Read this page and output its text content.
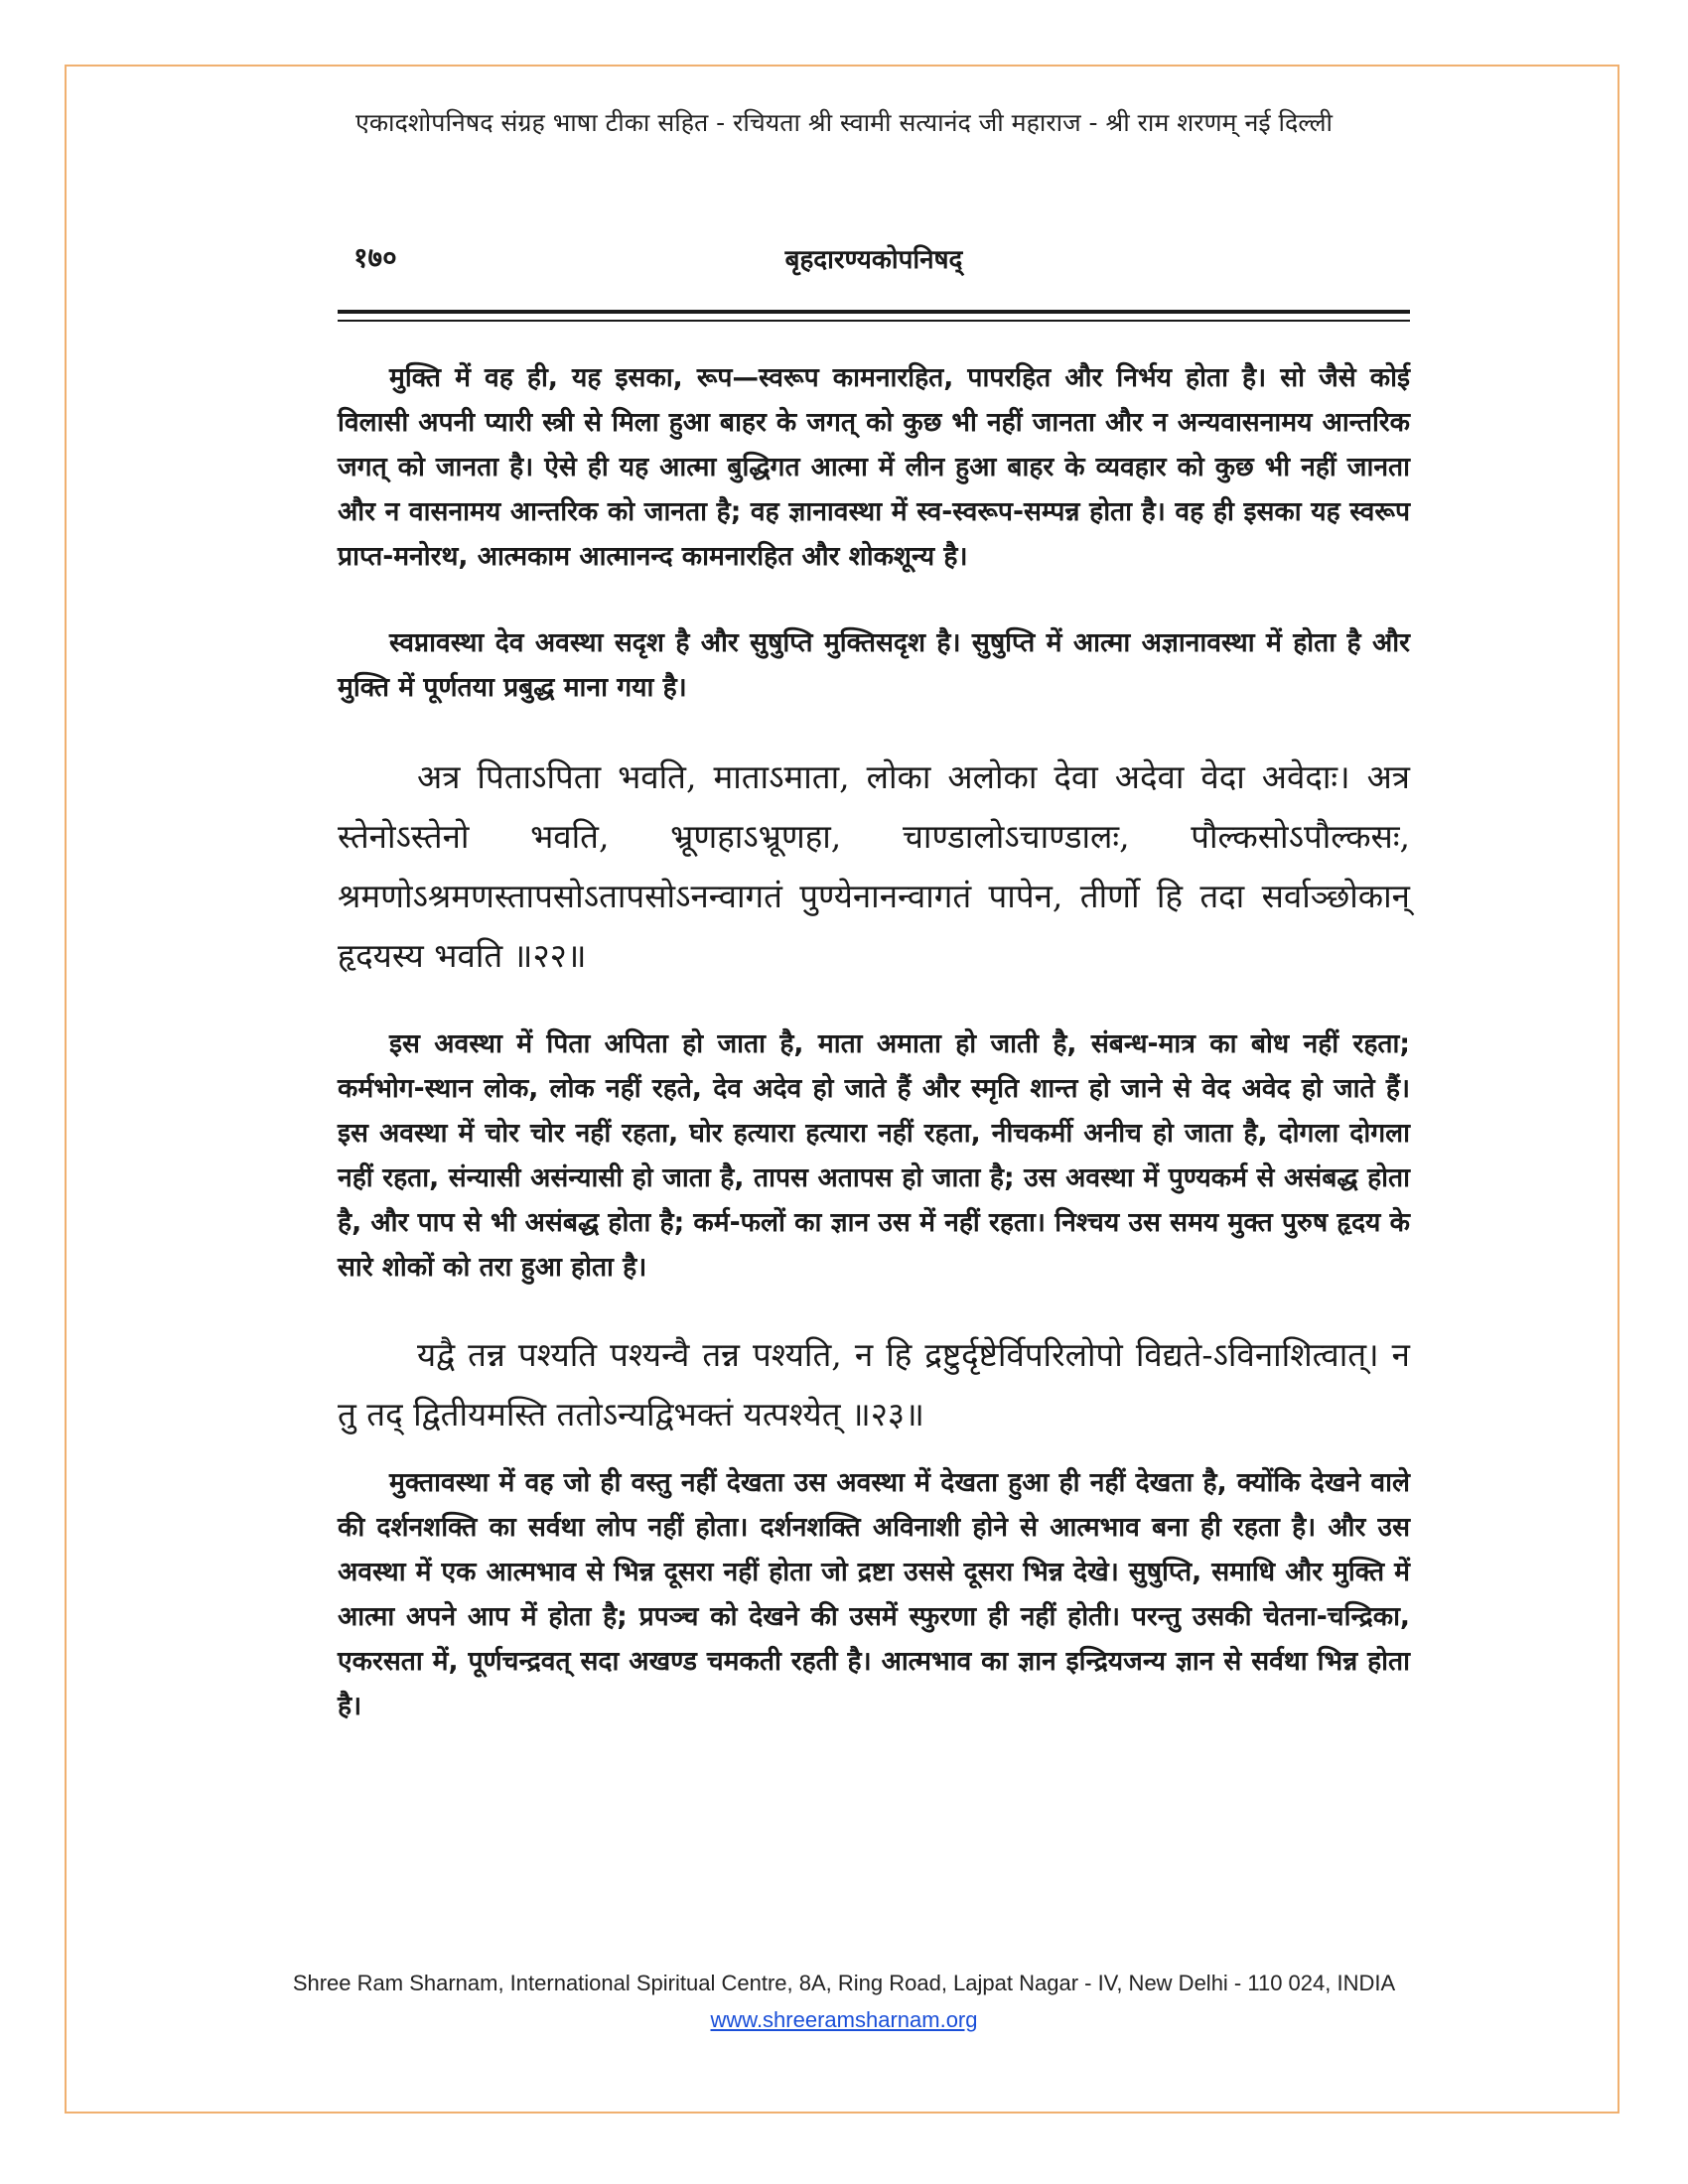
एकादशोपनिषद संग्रह भाषा टीका सहित - रचियता श्री स्वामी सत्यानंद जी महाराज - श्री राम शरणम् नई दिल्ली
१७०	बृहदारण्यकोपनिषद्

मुक्ति में वह ही, यह इसका, रूप—स्वरूप कामनारहित, पापरहित और निर्भय होता है। सो जैसे कोई विलासी अपनी प्यारी स्त्री से मिला हुआ बाहर के जगत् को कुछ भी नहीं जानता और न अन्यवासनामय आन्तरिक जगत् को जानता है। ऐसे ही यह आत्मा बुद्धिगत आत्मा में लीन हुआ बाहर के व्यवहार को कुछ भी नहीं जानता और न वासनामय आन्तरिक को जानता है; वह ज्ञानावस्था में स्व-स्वरूप-सम्पन्न होता है। वह ही इसका यह स्वरूप प्राप्त-मनोरथ, आत्मकाम आत्मानन्द कामनारहित और शोकशून्य है।

स्वप्नावस्था देव अवस्था सदृश है और सुषुप्ति मुक्तिसदृश है। सुषुप्ति में आत्मा अज्ञानावस्था में होता है और मुक्ति में पूर्णतया प्रबुद्ध माना गया है।

अत्र पिताऽपिता भवति, माताऽमाता, लोका अलोका देवा अदेवा वेदा अवेदाः। अत्र स्तेनोऽस्तेनो भवति, भ्रूणहाऽभ्रूणहा, चाण्डालोऽचाण्डालः, पौल्कसोऽपौल्कसः, श्रमणोऽश्रमणस्तापसोऽतापसोऽनन्वागतं पुण्येनानन्वागतं पापेन, तीर्णो हि तदा सर्वाञ्छोकान् हृदयस्य भवति ॥२२॥

इस अवस्था में पिता अपिता हो जाता है, माता अमाता हो जाती है, संबन्ध-मात्र का बोध नहीं रहता; कर्मभोग-स्थान लोक, लोक नहीं रहते, देव अदेव हो जाते हैं और स्मृति शान्त हो जाने से वेद अवेद हो जाते हैं। इस अवस्था में चोर चोर नहीं रहता, घोर हत्यारा हत्यारा नहीं रहता, नीचकर्मी अनीच हो जाता है, दोगला दोगला नहीं रहता, संन्यासी असंन्यासी हो जाता है, तापस अतापस हो जाता है; उस अवस्था में पुण्यकर्म से असंबद्ध होता है, और पाप से भी असंबद्ध होता है; कर्म-फलों का ज्ञान उस में नहीं रहता। निश्चय उस समय मुक्त पुरुष हृदय के सारे शोकों को तरा हुआ होता है।

यद्वै तन्न पश्यति पश्यन्वै तन्न पश्यति, न हि द्रष्टुर्दृष्टेर्विपरिलोपो विद्यते-ऽविनाशित्वात्। न तु तद् द्वितीयमस्ति ततोऽन्यद्विभक्तं यत्पश्येत् ॥२३॥

मुक्तावस्था में वह जो ही वस्तु नहीं देखता उस अवस्था में देखता हुआ ही नहीं देखता है, क्योंकि देखने वाले की दर्शनशक्ति का सर्वथा लोप नहीं होता। दर्शनशक्ति अविनाशी होने से आत्मभाव बना ही रहता है। और उस अवस्था में एक आत्मभाव से भिन्न दूसरा नहीं होता जो द्रष्टा उससे दूसरा भिन्न देखे। सुषुप्ति, समाधि और मुक्ति में आत्मा अपने आप में होता है; प्रपञ्च को देखने की उसमें स्फुरणा ही नहीं होती। परन्तु उसकी चेतना-चन्द्रिका, एकरसता में, पूर्णचन्द्रवत् सदा अखण्ड चमकती रहती है। आत्मभाव का ज्ञान इन्द्रियजन्य ज्ञान से सर्वथा भिन्न होता है।

Shree Ram Sharnam, International Spiritual Centre, 8A, Ring Road, Lajpat Nagar - IV, New Delhi - 110 024, INDIA
www.shreeramsharnam.org
